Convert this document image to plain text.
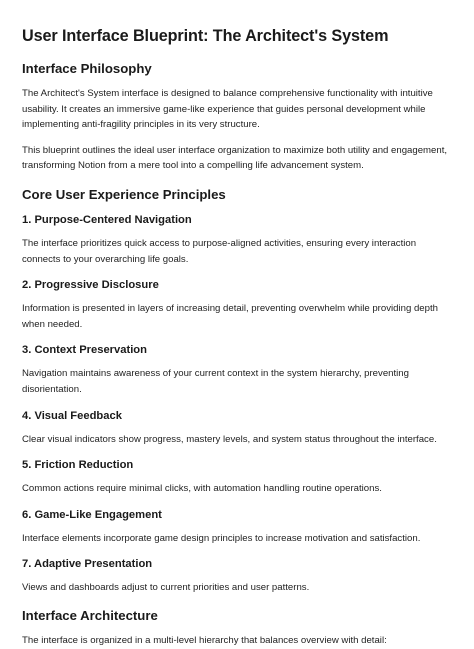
User Interface Blueprint: The Architect's System
Interface Philosophy

The Architect's System interface is designed to balance comprehensive functionality with intuitive usability. It creates an immersive game-like experience that guides personal development while implementing anti-fragility principles in its very structure.

This blueprint outlines the ideal user interface organization to maximize both utility and engagement, transforming Notion from a mere tool into a compelling life advancement system.

Core User Experience Principles
1. Purpose-Centered Navigation

The interface prioritizes quick access to purpose-aligned activities, ensuring every interaction connects to your overarching life goals.

2. Progressive Disclosure

Information is presented in layers of increasing detail, preventing overwhelm while providing depth when needed.

3. Context Preservation

Navigation maintains awareness of your current context in the system hierarchy, preventing disorientation.

4. Visual Feedback

Clear visual indicators show progress, mastery levels, and system status throughout the interface.

5. Friction Reduction

Common actions require minimal clicks, with automation handling routine operations.

6. Game-Like Engagement

Interface elements incorporate game design principles to increase motivation and satisfaction.

7. Adaptive Presentation

Views and dashboards adjust to current priorities and user patterns.

Interface Architecture

The interface is organized in a multi-level hierarchy that balances overview with detail:
